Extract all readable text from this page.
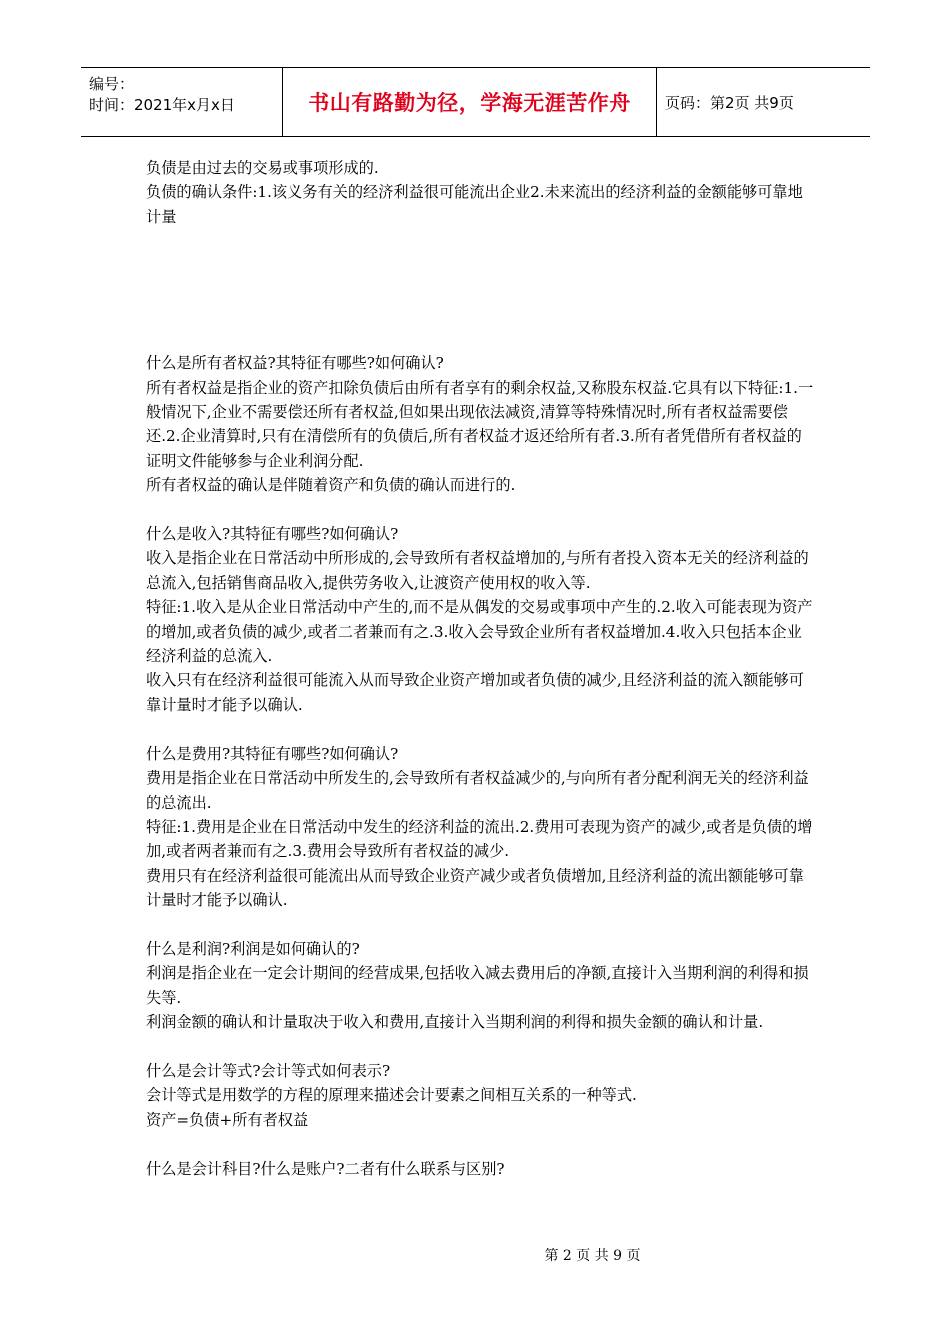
编号：
时间：2021年x月x日	书山有路勤为径，学海无涯苦作舟	页码：第2页 共9页

负债是由过去的交易或事项形成的.

负债的确认条件:1.该义务有关的经济利益很可能流出企业2.未来流出的经济利益的金额能够可靠地计量

什么是所有者权益?其特征有哪些?如何确认?

所有者权益是指企业的资产扣除负债后由所有者享有的剩余权益,又称股东权益.它具有以下特征:1.一般情况下,企业不需要偿还所有者权益,但如果出现依法减资,清算等特殊情况时,所有者权益需要偿还.2.企业清算时,只有在清偿所有的负债后,所有者权益才返还给所有者.3.所有者凭借所有者权益的证明文件能够参与企业利润分配.

所有者权益的确认是伴随着资产和负债的确认而进行的.

什么是收入?其特征有哪些?如何确认?

收入是指企业在日常活动中所形成的,会导致所有者权益增加的,与所有者投入资本无关的经济利益的总流入,包括销售商品收入,提供劳务收入,让渡资产使用权的收入等.

特征:1.收入是从企业日常活动中产生的,而不是从偶发的交易或事项中产生的.2.收入可能表现为资产的增加,或者负债的减少,或者二者兼而有之.3.收入会导致企业所有者权益增加.4.收入只包括本企业经济利益的总流入.

收入只有在经济利益很可能流入从而导致企业资产增加或者负债的减少,且经济利益的流入额能够可靠计量时才能予以确认.

什么是费用?其特征有哪些?如何确认?

费用是指企业在日常活动中所发生的,会导致所有者权益减少的,与向所有者分配利润无关的经济利益的总流出.

特征:1.费用是企业在日常活动中发生的经济利益的流出.2.费用可表现为资产的减少,或者是负债的增加,或者两者兼而有之.3.费用会导致所有者权益的减少.

费用只有在经济利益很可能流出从而导致企业资产减少或者负债增加,且经济利益的流出额能够可靠计量时才能予以确认.

什么是利润?利润是如何确认的?

利润是指企业在一定会计期间的经营成果,包括收入减去费用后的净额,直接计入当期利润的利得和损失等.

利润金额的确认和计量取决于收入和费用,直接计入当期利润的利得和损失金额的确认和计量.

什么是会计等式?会计等式如何表示?

会计等式是用数学的方程的原理来描述会计要素之间相互关系的一种等式.

资产=负债+所有者权益

什么是会计科目?什么是账户?二者有什么联系与区别?

第 2 页 共 9 页
